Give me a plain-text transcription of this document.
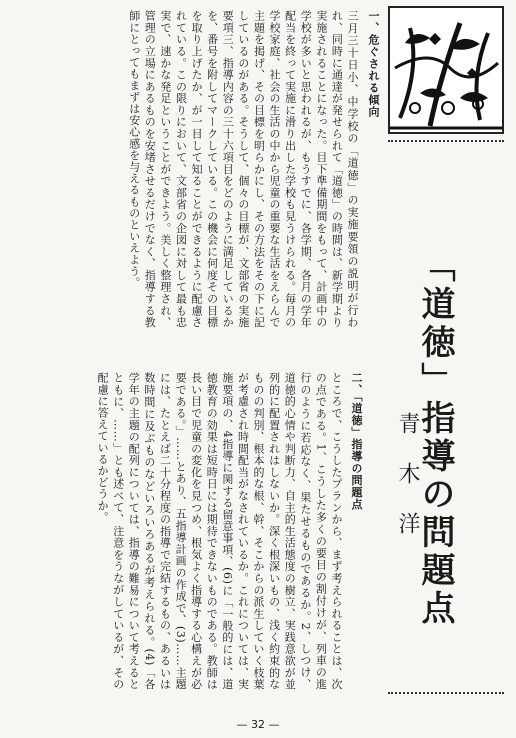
「道徳」指導の問題点
青木洋
一、危ぐされる傾向

三月三十日小、中学校の「道徳」の実施要領の説明が行われ、同時に通達が発せられて「道徳」の時間は、新学期より実施されることになった。目下準備期間をもって、計画中の学校が多いと思われるが、もうすでに、各学期、各月の学年配当を終って実施に滑り出した学校も見うけられる。毎月の学校家庭、社会の生活の中から児童の重要な生活をえらんで主題を掲げ、その目標を明らかにし、その方法をその下に記しているのがある。そうして、個々の目標が、文部省の実施要項三、指導内容の三十六項目をどのように満足しているかを、番号を附してマークしている。この機会に何度その目標を取り上げたか、が一目して知ることができるように配慮されている。この限りにおいて、文部省の企図に対して最も忠実で、速かな発足ということができよう。美しく整理され、管理の立場にあるものを安堵させるだけでなく、指導する教師にとってもまずは安心感を与えるものといえよう。

二、「道徳」指導の問題点

ところで、こうしたプランから、まず考えられることは、次の点である。1、こうした多くの要目の割付けが、列車の進行のように若応なく、果たせるものであるか。2、しつけ、道徳的心情や判断力、自主的生活態度の樹立、実践意欲が並列的に配置されはしないか。深く根深いもの、浅く約束的なものの判別、根本的な根、幹、そこからの派生していく枝葉が考慮され時間配当がなされているか。これについては、実施要項の、4指導に関する留意事項、(6)に「一般的には、道徳教育の効果は短時日には期待できないものである。教師は長い目で児童の変化を見つめ、根気よく指導する心構えが必要である。」……とあり、五指導計画の作成で、(3)……主題には、たとえば二十分程度の指導で完結するもの、あるいは数時間に及ぶものなどいろいろあるが考えられる。(4)「各学年の主題の配列については、指導の難易について考えるとともに、……」とも述べて、注意をうながしているが、その配慮に答えているかどうか。

— 32 —
